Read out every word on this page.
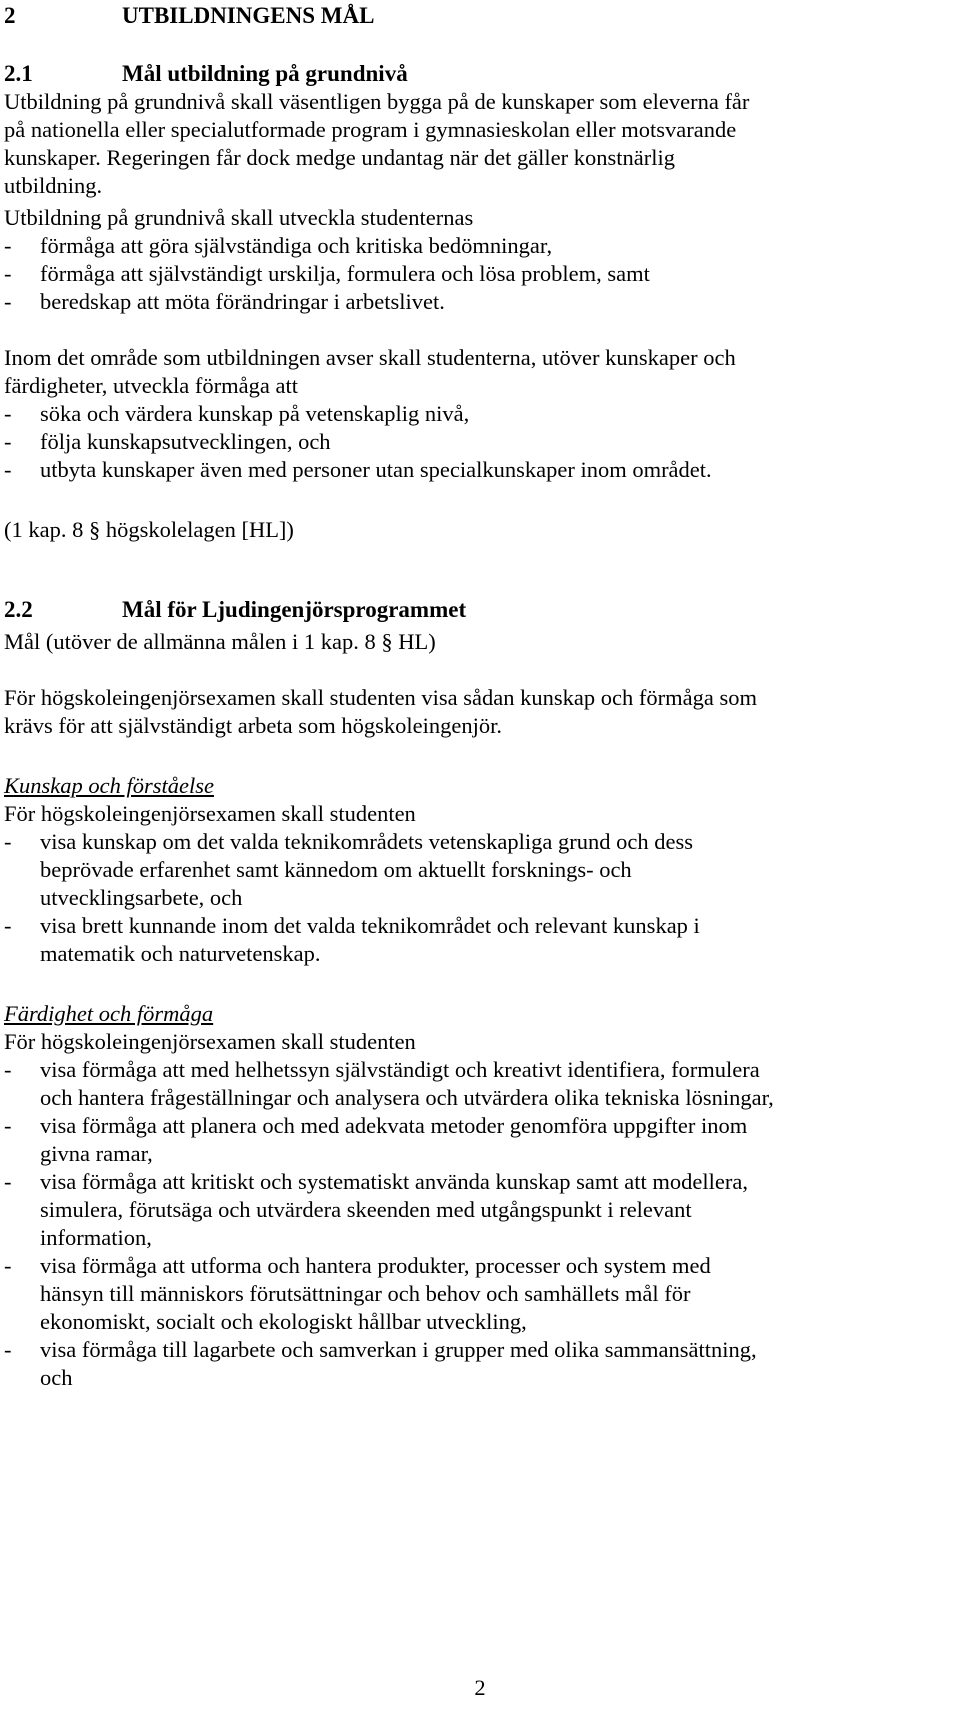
2	UTBILDNINGENS MÅL
2.1	Mål utbildning på grundnivå
Utbildning på grundnivå skall väsentligen bygga på de kunskaper som eleverna får
på nationella eller specialutformade program i gymnasieskolan eller motsvarande
kunskaper. Regeringen får dock medge undantag när det gäller konstnärlig
utbildning.
Utbildning på grundnivå skall utveckla studenternas
-	förmåga att göra självständiga och kritiska bedömningar,
-	förmåga att självständigt urskilja, formulera och lösa problem, samt
-	beredskap att möta förändringar i arbetslivet.
Inom det område som utbildningen avser skall studenterna, utöver kunskaper och
färdigheter, utveckla förmåga att
-	söka och värdera kunskap på vetenskaplig nivå,
-	följa kunskapsutvecklingen, och
-	utbyta kunskaper även med personer utan specialkunskaper inom området.
(1 kap. 8 § högskolelagen [HL])
2.2	Mål för Ljudingenjörsprogrammet
Mål (utöver de allmänna målen i 1 kap. 8 § HL)
För högskoleingenjörsexamen skall studenten visa sådan kunskap och förmåga som
krävs för att självständigt arbeta som högskoleingenjör.
Kunskap och förståelse
För högskoleingenjörsexamen skall studenten
-	visa kunskap om det valda teknikområdets vetenskapliga grund och dess
beprövade erfarenhet samt kännedom om aktuellt forsknings- och
utvecklingsarbete, och
-	visa brett kunnande inom det valda teknikområdet och relevant kunskap i
matematik och naturvetenskap.
Färdighet och förmåga
För högskoleingenjörsexamen skall studenten
-	visa förmåga att med helhetssyn självständigt och kreativt identifiera, formulera
och hantera frågeställningar och analysera och utvärdera olika tekniska lösningar,
-	visa förmåga att planera och med adekvata metoder genomföra uppgifter inom
givna ramar,
-	visa förmåga att kritiskt och systematiskt använda kunskap samt att modellera,
simulera, förutsäga och utvärdera skeenden med utgångspunkt i relevant
information,
-	visa förmåga att utforma och hantera produkter, processer och system med
hänsyn till människors förutsättningar och behov och samhällets mål för
ekonomiskt, socialt och ekologiskt hållbar utveckling,
-	visa förmåga till lagarbete och samverkan i grupper med olika sammansättning,
och
2
